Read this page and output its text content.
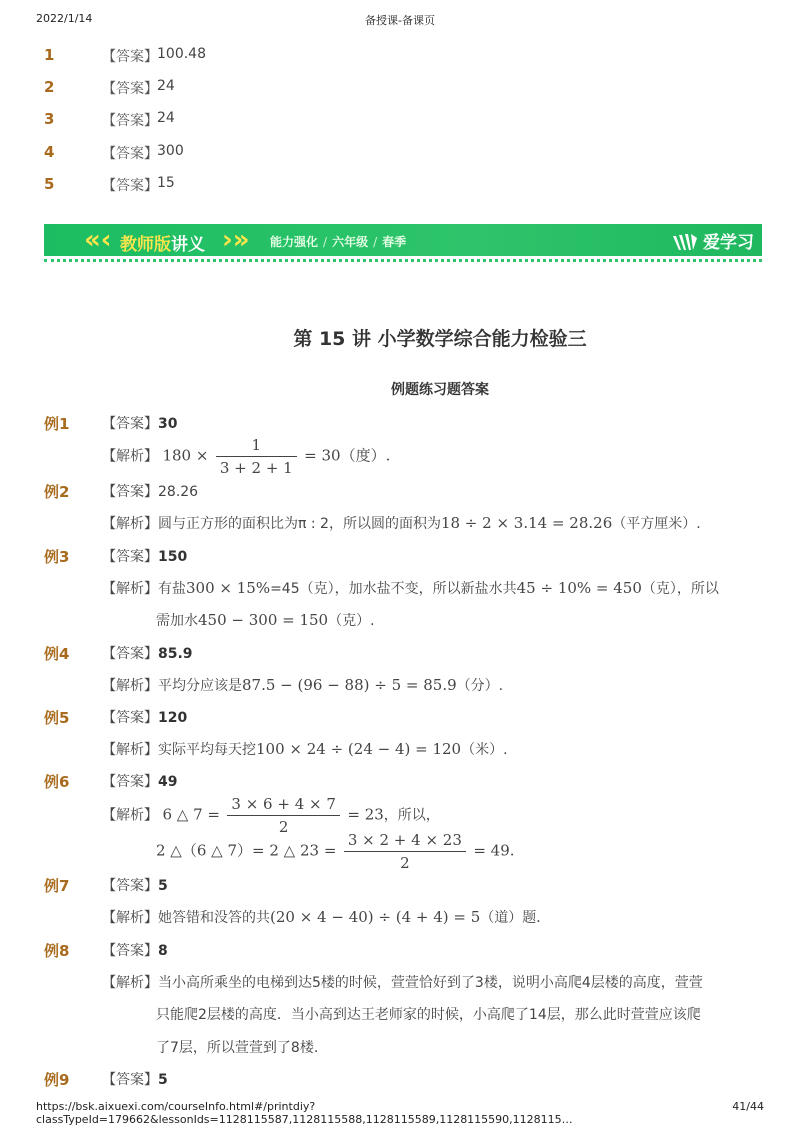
2022/1/14	备授课-备课页
1	【答案】 100.48
2	【答案】 24
3	【答案】 24
4	【答案】 300
5	【答案】 15
«‹ 教师版讲义 ›» 能力强化 / 六年级 / 春季	爱学习
第 15 讲 小学数学综合能力检验三
例题练习题答案
例1 【答案】30
【解析】 $180 \times \frac{1}{3 + 2 + 1} = 30$（度）.
例2 【答案】28.26
【解析】圆与正方形的面积比为π : 2，所以圆的面积为18 ÷ 2 × 3.14 = 28.26（平方厘米）.
例3 【答案】150
【解析】有盐300 × 15%=45（克），加水盐不变，所以新盐水共45 ÷ 10% = 450（克），所以
需加水450 − 300 = 150（克）.
例4 【答案】85.9
【解析】平均分应该是87.5 − (96 − 88) ÷ 5 = 85.9（分）.
例5 【答案】120
【解析】实际平均每天挖100 × 24 ÷ (24 − 4) = 120（米）.
例6 【答案】49
【解析】 6 △ $7 = \frac{3 \times 6 + 4 \times 7}{2} = 23$，所以，
2 △（6 △ 7）= 2 △ $23 = \frac{3 \times 2 + 4 \times 23}{2} = 49$.
例7 【答案】5
【解析】她答错和没答的共(20 × 4 − 40) ÷ (4 + 4) = 5（道）题．
例8 【答案】8
【解析】当小高所乘坐的电梯到达5楼的时候，萱萱恰好到了3楼，说明小高爬4层楼的高度，萱萱
只能爬2层楼的高度．当小高到达王老师家的时候，小高爬了14层，那么此时萱萱应该爬
了7层，所以萱萱到了8楼.
例9 【答案】5
https://bsk.aixuexi.com/courseInfo.html#/printdiy?classTypeId=179662&lessonIds=1128115587,1128115588,1128115589,1128115590,1128115…
41/44
